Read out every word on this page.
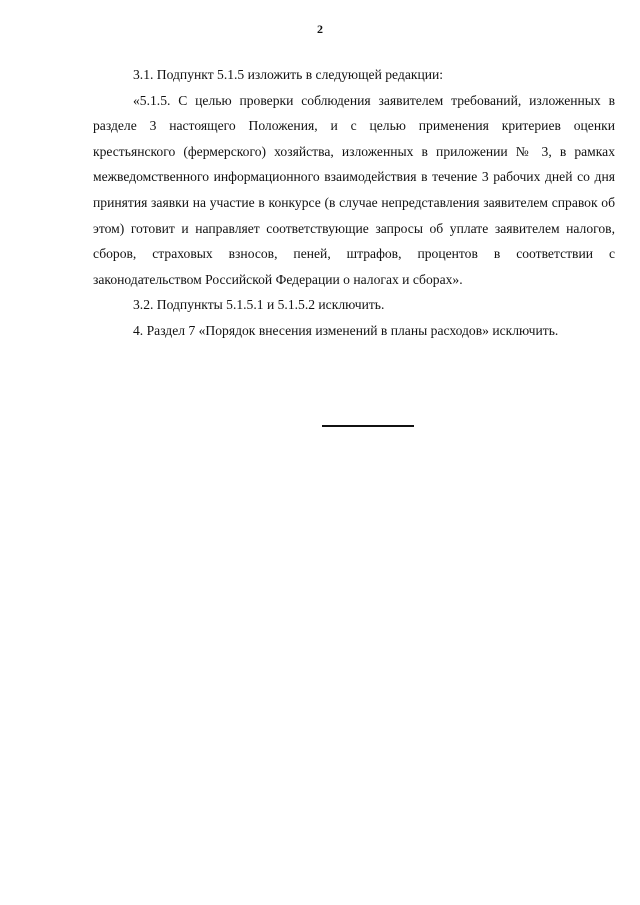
2

3.1. Подпункт 5.1.5 изложить в следующей редакции:

«5.1.5. С целью проверки соблюдения заявителем требований, изложенных в разделе 3 настоящего Положения, и с целью применения критериев оценки крестьянского (фермерского) хозяйства, изложенных в приложении № 3, в рамках межведомственного информационного взаимодействия в течение 3 рабочих дней со дня принятия заявки на участие в конкурсе (в случае непредставления заявителем справок об этом) готовит и направляет соответствующие запросы об уплате заявителем налогов, сборов, страховых взносов, пеней, штрафов, процентов в соответствии с законодательством Российской Федерации о налогах и сборах».

3.2. Подпункты 5.1.5.1 и 5.1.5.2 исключить.

4. Раздел 7 «Порядок внесения изменений в планы расходов» исключить.
